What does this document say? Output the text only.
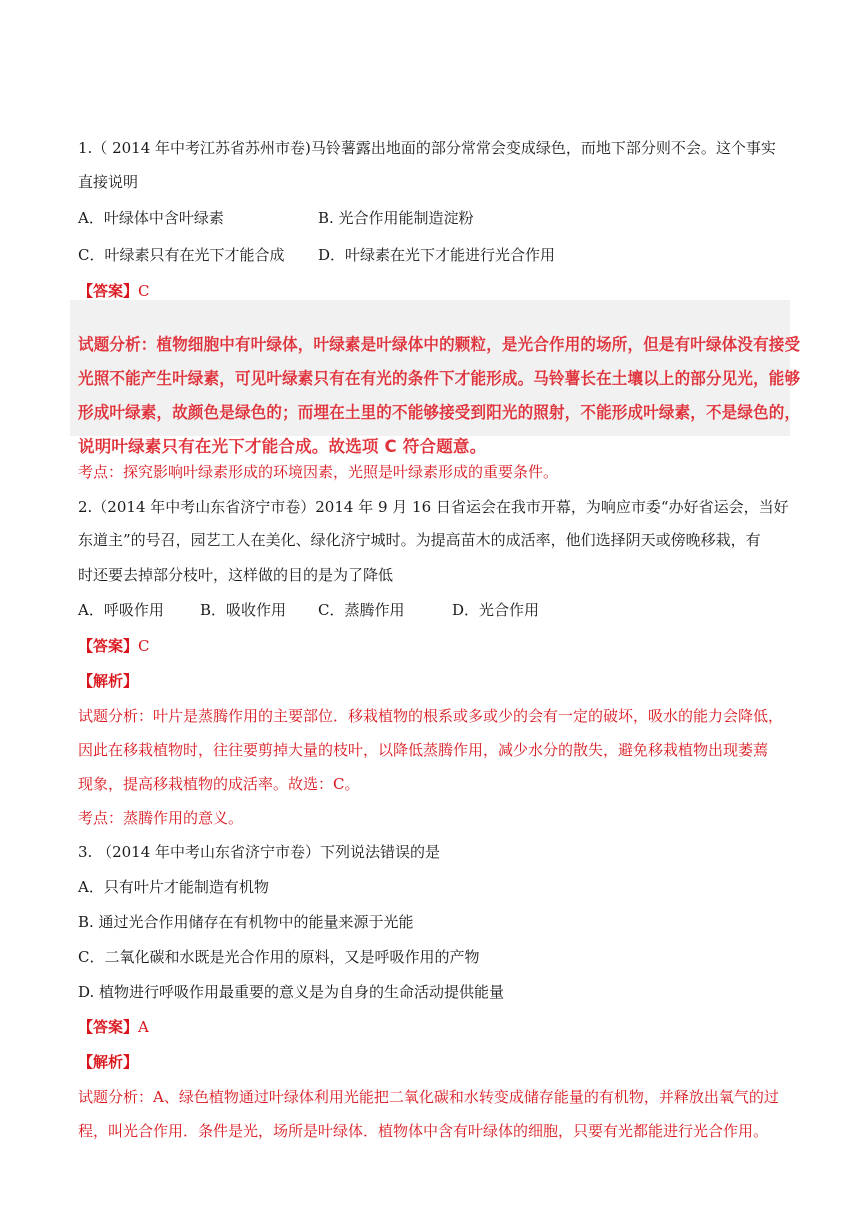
1.（ 2014 年中考江苏省苏州市卷)马铃薯露出地面的部分常常会变成绿色，而地下部分则不会。这个事实
直接说明
A．叶绿体中含叶绿素	B. 光合作用能制造淀粉
C．叶绿素只有在光下才能合成 D．叶绿素在光下才能进行光合作用
【答案】C
试题分析：植物细胞中有叶绿体，叶绿素是叶绿体中的颗粒，是光合作用的场所，但是有叶绿体没有接受
光照不能产生叶绿素，可见叶绿素只有在有光的条件下才能形成。马铃薯长在土壤以上的部分见光，能够
形成叶绿素，故颜色是绿色的；而埋在土里的不能够接受到阳光的照射，不能形成叶绿素，不是绿色的，
说明叶绿素只有在光下才能合成。故选项 C 符合题意。
考点：探究影响叶绿素形成的环境因素，光照是叶绿素形成的重要条件。
2.（2014 年中考山东省济宁市卷）2014 年 9 月 16 日省运会在我市开幕，为响应市委“办好省运会，当好
东道主”的号召，园艺工人在美化、绿化济宁城时。为提高苗木的成活率，他们选择阴天或傍晚移栽，有
时还要去掉部分枝叶，这样做的目的是为了降低
A．呼吸作用 B．吸收作用 C．蒸腾作用	D．光合作用
【答案】C
【解析】
试题分析：叶片是蒸腾作用的主要部位．移栽植物的根系或多或少的会有一定的破坏，吸水的能力会降低，
因此在移栽植物时，往往要剪掉大量的枝叶，以降低蒸腾作用，减少水分的散失，避免移栽植物出现萎蔫
现象，提高移栽植物的成活率。故选：C。
考点：蒸腾作用的意义。
3. （2014 年中考山东省济宁市卷）下列说法错误的是
A．只有叶片才能制造有机物
B. 通过光合作用储存在有机物中的能量来源于光能
C．二氧化碳和水既是光合作用的原料，又是呼吸作用的产物
D. 植物进行呼吸作用最重要的意义是为自身的生命活动提供能量
【答案】A
【解析】
试题分析：A、绿色植物通过叶绿体利用光能把二氧化碳和水转变成储存能量的有机物，并释放出氧气的过
程，叫光合作用．条件是光，场所是叶绿体．植物体中含有叶绿体的细胞，只要有光都能进行光合作用。
